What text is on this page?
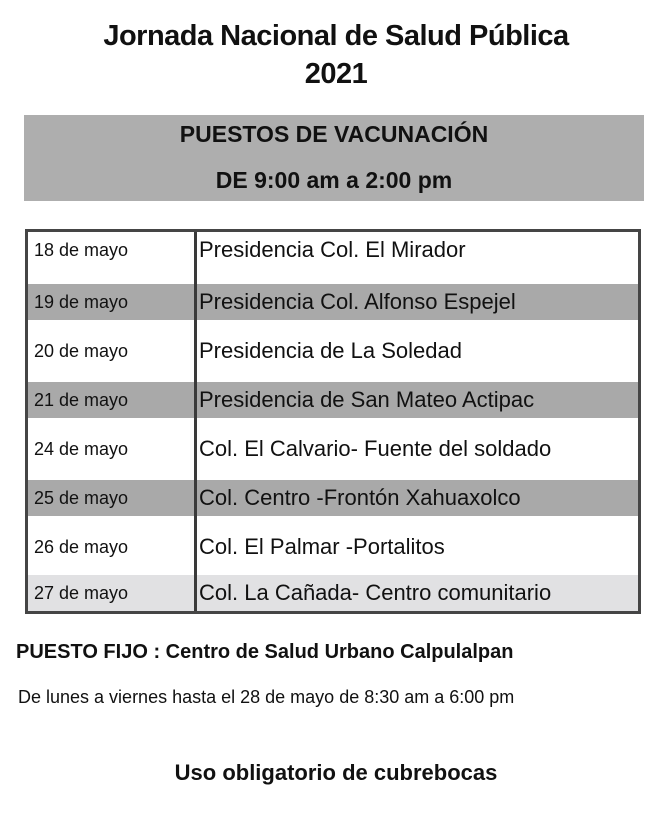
Jornada Nacional de Salud Pública
2021
PUESTOS DE VACUNACIÓN
DE 9:00 am a 2:00 pm
18 de mayo	Presidencia Col. El Mirador
19 de mayo	Presidencia Col. Alfonso Espejel
20 de mayo	Presidencia de La Soledad
21 de mayo	Presidencia de San Mateo Actipac
24 de mayo	Col. El Calvario- Fuente del soldado
25 de mayo	Col. Centro -Frontón Xahuaxolco
26 de mayo	Col. El Palmar -Portalitos
27 de mayo	Col. La Cañada- Centro comunitario
PUESTO FIJO : Centro de Salud Urbano Calpulalpan
De lunes a viernes hasta el 28 de mayo de 8:30 am a 6:00 pm
Uso obligatorio de cubrebocas
